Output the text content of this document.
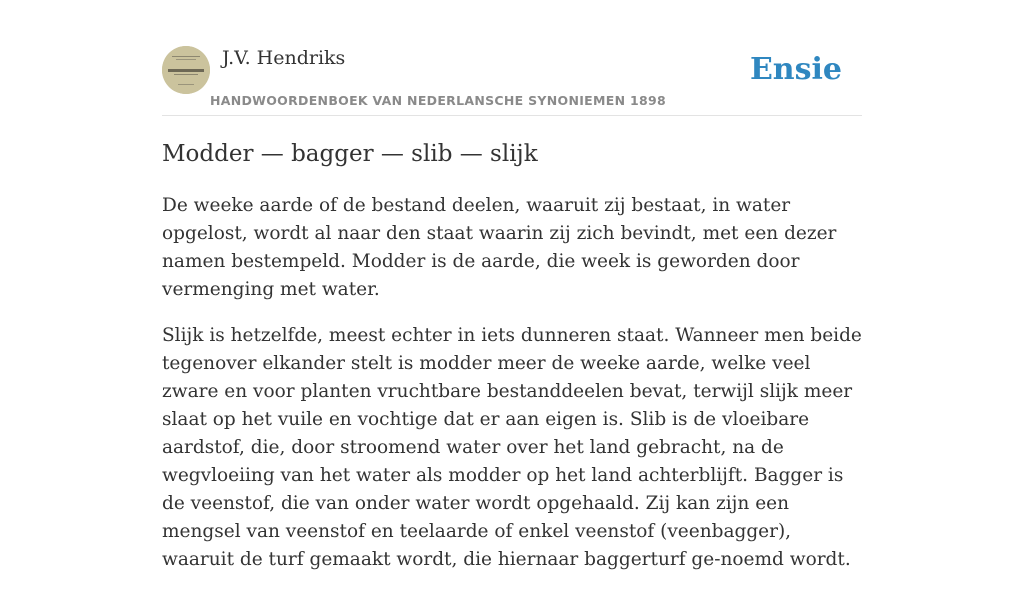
J.V. Hendriks
HANDWOORDENBOEK VAN NEDERLANSCHE SYNONIEMEN 1898
Ensie
Modder — bagger — slib — slijk

De weeke aarde of de bestand deelen, waaruit zij bestaat, in water opgelost, wordt al naar den staat waarin zij zich bevindt, met een dezer namen bestempeld. Modder is de aarde, die week is geworden door vermenging met water.

Slijk is hetzelfde, meest echter in iets dunneren staat. Wanneer men beide tegenover elkander stelt is modder meer de weeke aarde, welke veel zware en voor planten vruchtbare bestanddeelen bevat, terwijl slijk meer slaat op het vuile en vochtige dat er aan eigen is. Slib is de vloeibare aardstof, die, door stroomend water over het land gebracht, na de wegvloeiing van het water als modder op het land achterblijft. Bagger is de veenstof, die van onder water wordt opgehaald. Zij kan zijn een mengsel van veenstof en teelaarde of enkel veenstof (veenbagger), waaruit de turf gemaakt wordt, die hiernaar baggerturf ge-noemd wordt.
